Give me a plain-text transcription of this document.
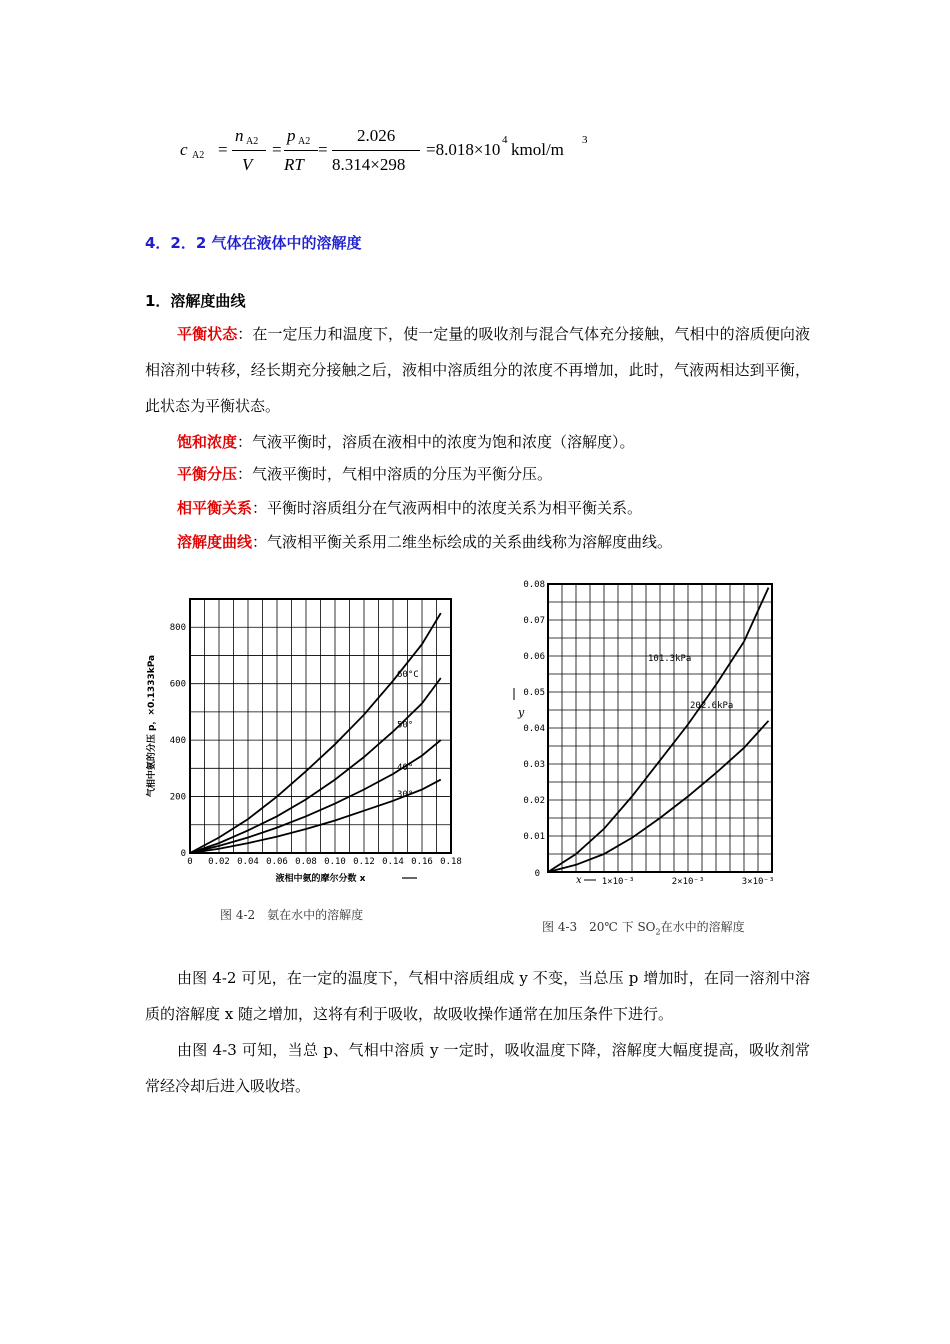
c A2 =
n A2
V
=
p A2
RT
=
2.026
8.314×298
=8.018×10 4 kmol/m 3
4．2．2 气体在液体中的溶解度
1．溶解度曲线
平衡状态：在一定压力和温度下，使一定量的吸收剂与混合气体充分接触，气相中的溶质便向液相溶剂中转移，经长期充分接触之后，液相中溶质组分的浓度不再增加，此时，气液两相达到平衡，此状态为平衡状态。
饱和浓度：气液平衡时，溶质在液相中的浓度为饱和浓度（溶解度）。
平衡分压：气液平衡时，气相中溶质的分压为平衡分压。
相平衡关系：平衡时溶质组分在气液两相中的浓度关系为相平衡关系。
溶解度曲线：气液相平衡关系用二维坐标绘成的关系曲线称为溶解度曲线。
0 0.02 0.04 0.06 0.08 0.10 0.12 0.14 0.16 0.18
0
200
400
600
800
液相中氨的摩尔分数 x
气相中氨的分压 p，×0.1333kPa	60°C
50°
40°
30°
图 4-2　氨在水中的溶解度
0.01
0.02
0.03
0.04
0.05
0.06
0.07
0.08
0
1×10⁻³	2×10⁻³	3×10⁻³
x
y
101.3kPa
202.6kPa
图 4-3　20℃ 下 $SO_2$在水中的溶解度
由图 4-2 可见，在一定的温度下，气相中溶质组成 y 不变，当总压 p 增加时，在同一溶剂中溶质的溶解度 x 随之增加，这将有利于吸收，故吸收操作通常在加压条件下进行。
由图 4-3 可知，当总 p、气相中溶质 y 一定时，吸收温度下降，溶解度大幅度提高，吸收剂常常经冷却后进入吸收塔。
